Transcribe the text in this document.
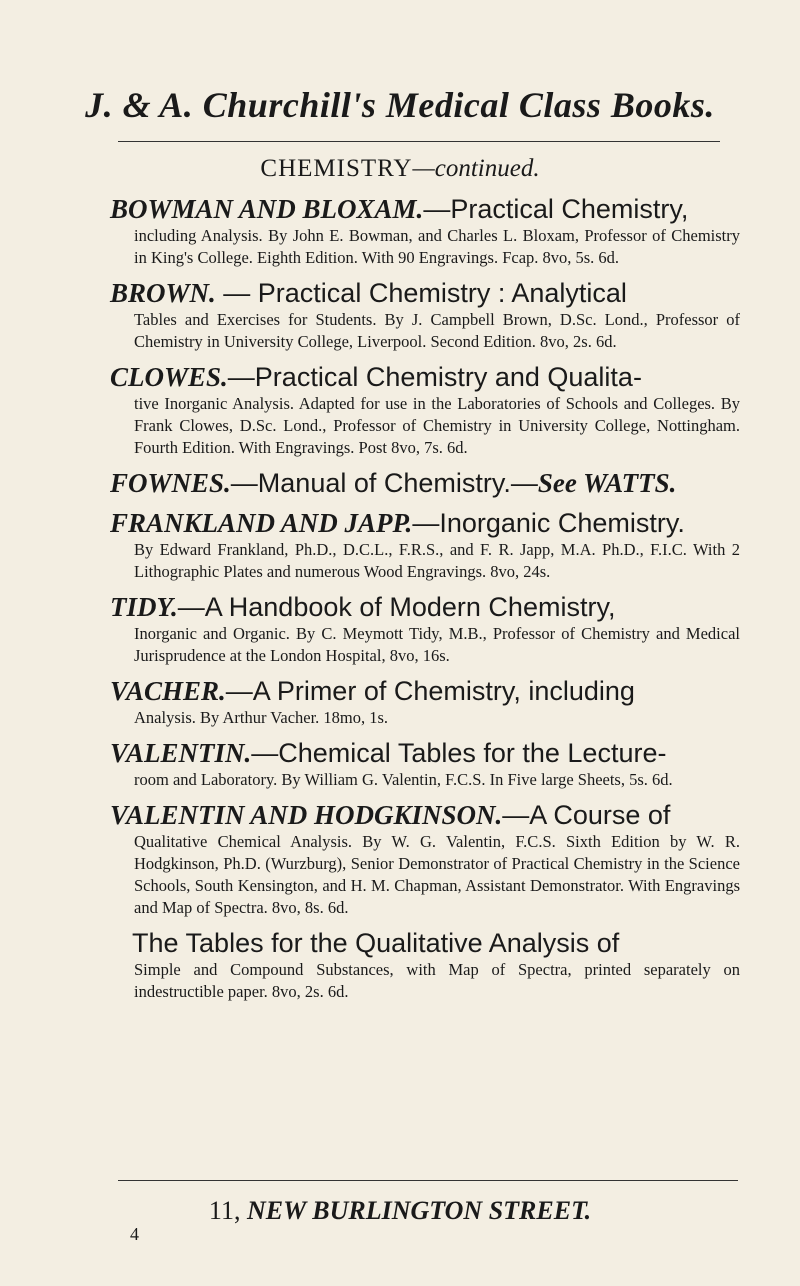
J. & A. Churchill's Medical Class Books.
CHEMISTRY—continued.
BOWMAN AND BLOXAM.—Practical Chemistry,
including Analysis. By John E. Bowman, and Charles L. Bloxam, Professor of Chemistry in King's College. Eighth Edition. With 90 Engravings. Fcap. 8vo, 5s. 6d.
BROWN. — Practical Chemistry : Analytical
Tables and Exercises for Students. By J. Campbell Brown, D.Sc. Lond., Professor of Chemistry in University College, Liverpool. Second Edition. 8vo, 2s. 6d.
CLOWES.—Practical Chemistry and Qualita-
tive Inorganic Analysis. Adapted for use in the Laboratories of Schools and Colleges. By Frank Clowes, D.Sc. Lond., Professor of Chemistry in University College, Nottingham. Fourth Edition. With Engravings. Post 8vo, 7s. 6d.
FOWNES.—Manual of Chemistry.—See WATTS.
FRANKLAND AND JAPP.—Inorganic Chemistry.
By Edward Frankland, Ph.D., D.C.L., F.R.S., and F. R. Japp, M.A. Ph.D., F.I.C. With 2 Lithographic Plates and numerous Wood Engravings. 8vo, 24s.
TIDY.—A Handbook of Modern Chemistry,
Inorganic and Organic. By C. Meymott Tidy, M.B., Professor of Chemistry and Medical Jurisprudence at the London Hospital, 8vo, 16s.
VACHER.—A Primer of Chemistry, including
Analysis. By Arthur Vacher. 18mo, 1s.
VALENTIN.—Chemical Tables for the Lecture-
room and Laboratory. By William G. Valentin, F.C.S. In Five large Sheets, 5s. 6d.
VALENTIN AND HODGKINSON.—A Course of
Qualitative Chemical Analysis. By W. G. Valentin, F.C.S. Sixth Edition by W. R. Hodgkinson, Ph.D. (Wurzburg), Senior Demonstrator of Practical Chemistry in the Science Schools, South Kensington, and H. M. Chapman, Assistant Demonstrator. With Engravings and Map of Spectra. 8vo, 8s. 6d.
The Tables for the Qualitative Analysis of
Simple and Compound Substances, with Map of Spectra, printed separately on indestructible paper. 8vo, 2s. 6d.
11, NEW BURLINGTON STREET.
4
